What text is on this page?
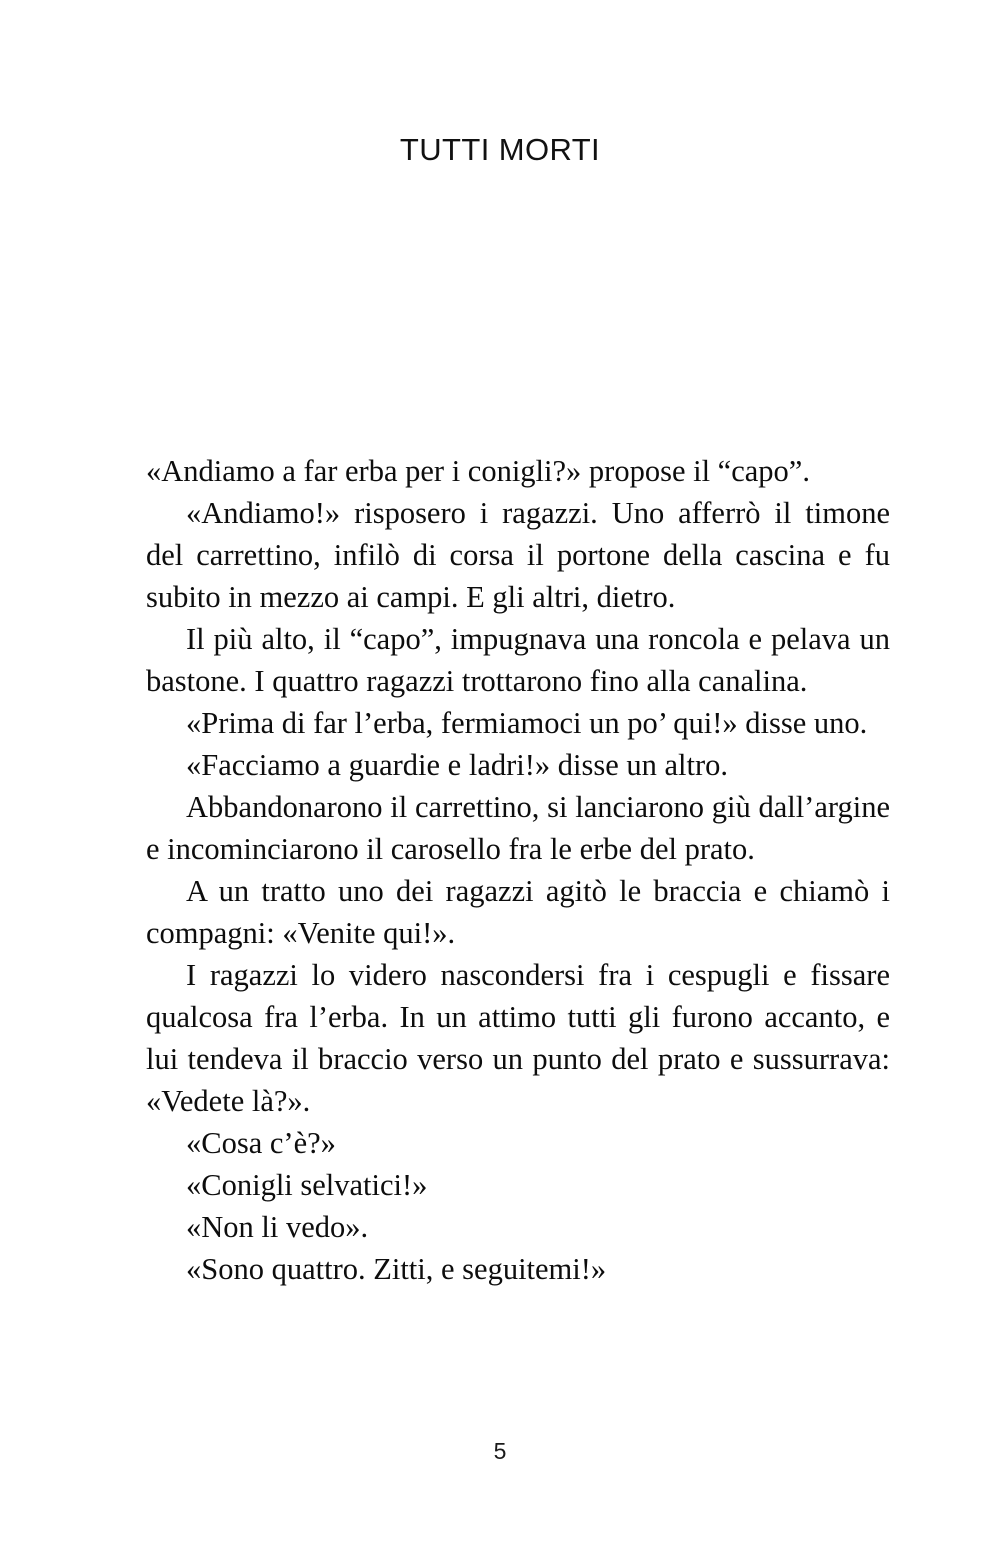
TUTTI MORTI

«Andiamo a far erba per i conigli?» propose il “capo”.

«Andiamo!» risposero i ragazzi. Uno afferrò il timone del carrettino, infilò di corsa il portone della cascina e fu subito in mezzo ai campi. E gli altri, dietro.

Il più alto, il “capo”, impugnava una roncola e pelava un bastone. I quattro ragazzi trottarono fino alla canalina.

«Prima di far l’erba, fermiamoci un po’ qui!» disse uno.

«Facciamo a guardie e ladri!» disse un altro.

Abbandonarono il carrettino, si lanciarono giù dall’argine e incominciarono il carosello fra le erbe del prato.

A un tratto uno dei ragazzi agitò le braccia e chiamò i compagni: «Venite qui!».

I ragazzi lo videro nascondersi fra i cespugli e fissare qualcosa fra l’erba. In un attimo tutti gli furono accanto, e lui tendeva il braccio verso un punto del prato e sussurrava: «Vedete là?».

«Cosa c’è?»

«Conigli selvatici!»

«Non li vedo».

«Sono quattro. Zitti, e seguitemi!»

5
